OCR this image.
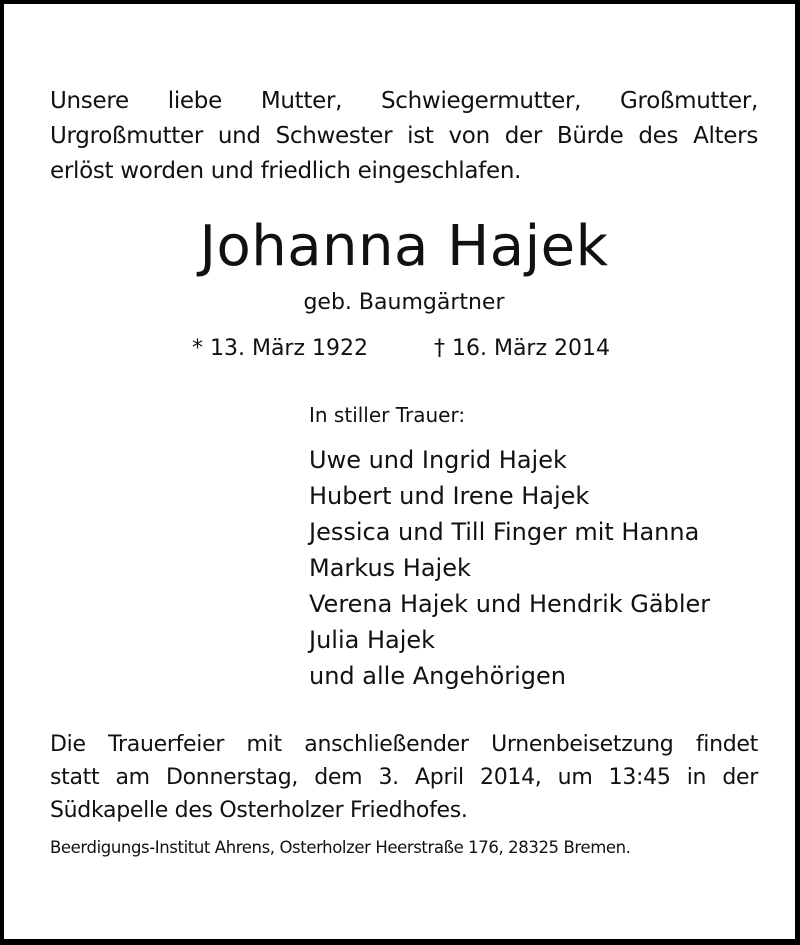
Unsere liebe Mutter, Schwiegermutter, Großmutter,
Urgroßmutter und Schwester ist von der Bürde des Alters
erlöst worden und friedlich eingeschlafen.
Johanna Hajek
geb. Baumgärtner
* 13. März 1922	† 16. März 2014
In stiller Trauer:
Uwe und Ingrid Hajek
Hubert und Irene Hajek
Jessica und Till Finger mit Hanna
Markus Hajek
Verena Hajek und Hendrik Gäbler
Julia Hajek
und alle Angehörigen
Die Trauerfeier mit anschließender Urnenbeisetzung findet
statt am Donnerstag, dem 3. April 2014, um 13:45 in der
Südkapelle des Osterholzer Friedhofes.
Beerdigungs-Institut Ahrens, Osterholzer Heerstraße 176, 28325 Bremen.
